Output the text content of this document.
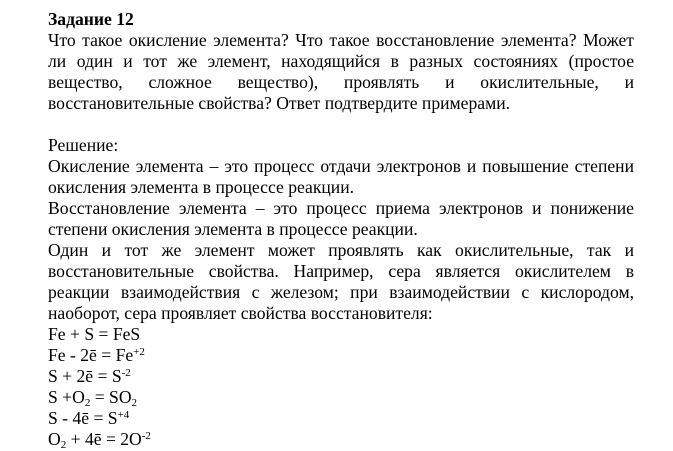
Задание 12

Что такое окисление элемента? Что такое восстановление элемента? Может ли один и тот же элемент, находящийся в разных состояниях (простое вещество, сложное вещество), проявлять и окислительные, и восстановительные свойства? Ответ подтвердите примерами.

Решение:

Окисление элемента – это процесс отдачи электронов и повышение степени окисления элемента в процессе реакции.

Восстановление элемента – это процесс приема электронов и понижение степени окисления элемента в процессе реакции.

Один и тот же элемент может проявлять как окислительные, так и восстановительные свойства. Например, сера является окислителем в реакции взаимодействия с железом; при взаимодействии с кислородом, наоборот, сера проявляет свойства восстановителя:

Fe + S = FeS

Fe - 2ē = $Fe^{+2}$

S + 2ē = $S^{-2}$

$S +O_2 = SO_2$

S - 4ē = $S^{+4}$

$O_2$ + 4ē = $2O^{-2}$
